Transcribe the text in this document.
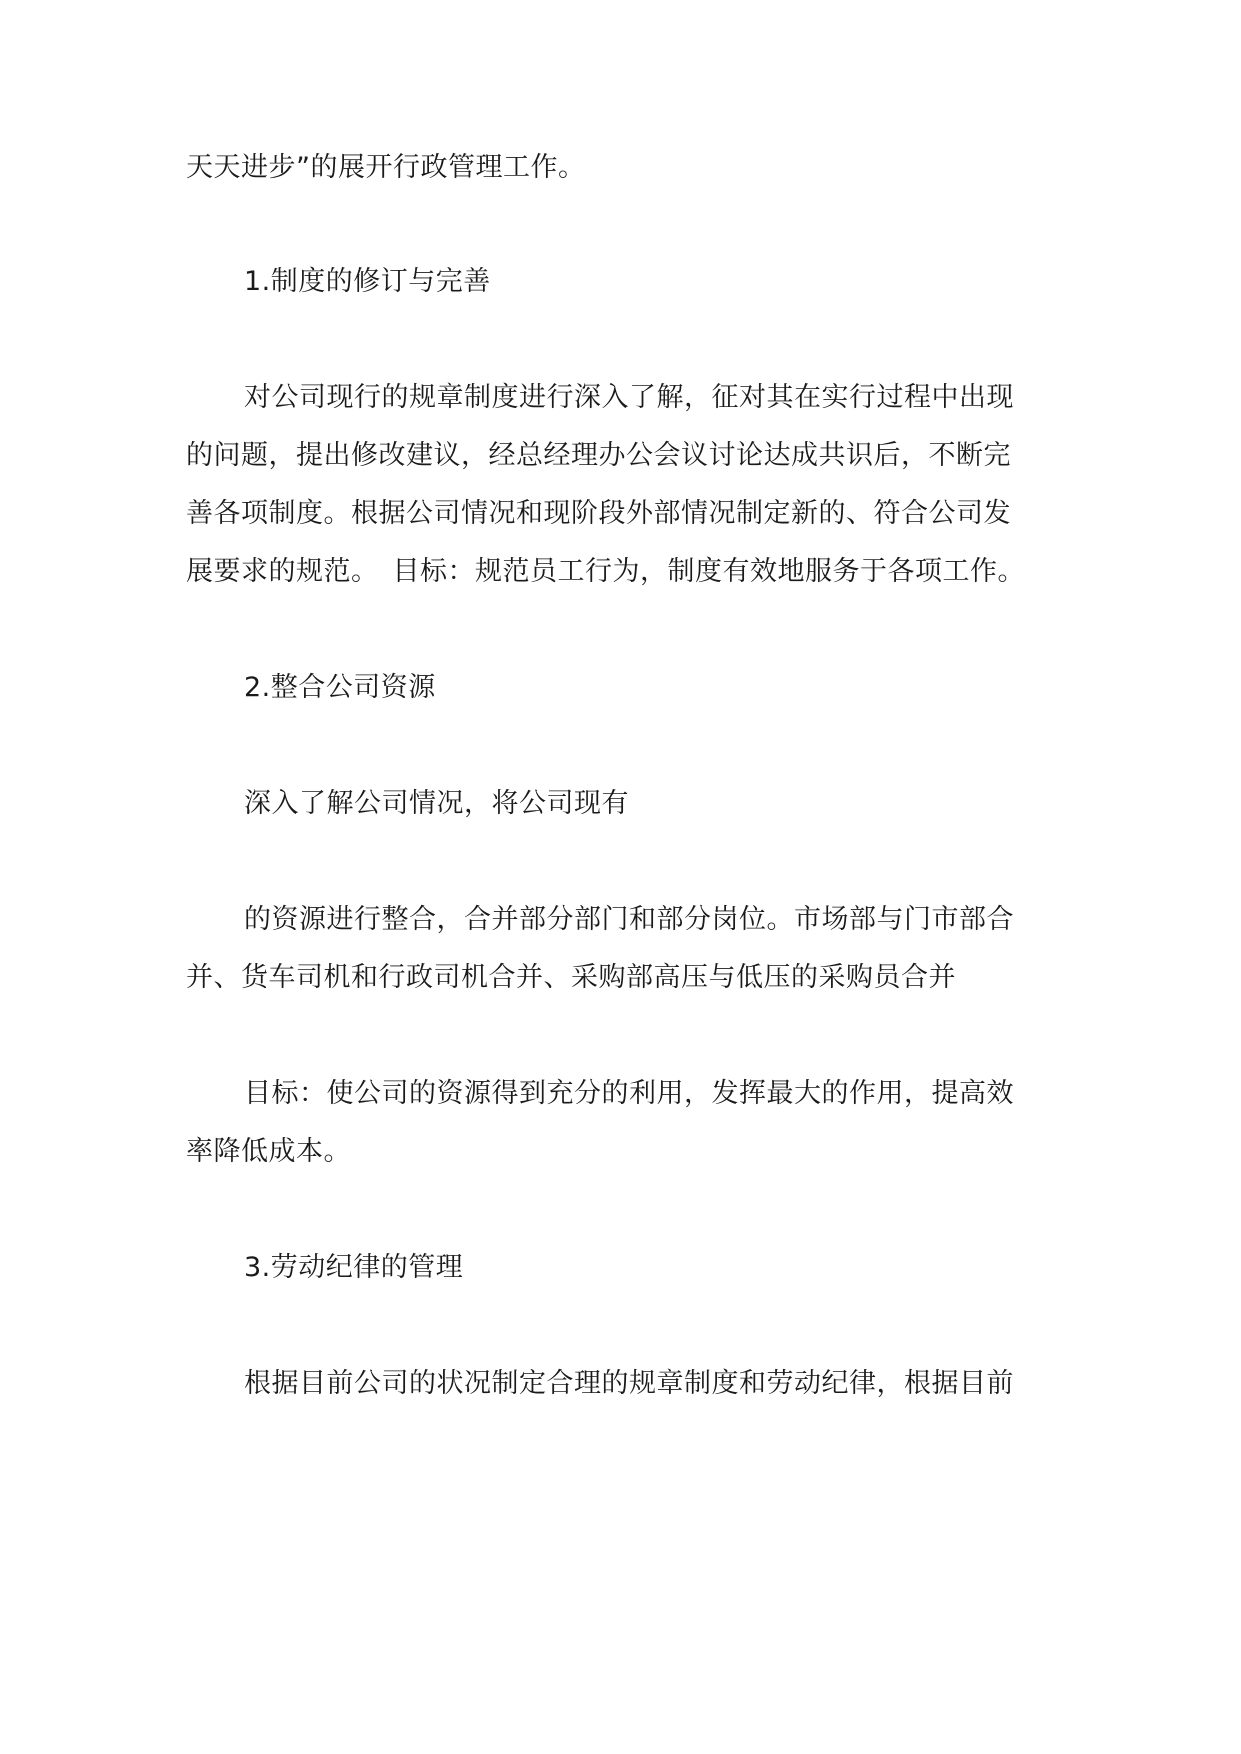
天天进步”的展开行政管理工作。

1.制度的修订与完善

对公司现行的规章制度进行深入了解，征对其在实行过程中出现

的问题，提出修改建议，经总经理办公会议讨论达成共识后，不断完

善各项制度。根据公司情况和现阶段外部情况制定新的、符合公司发

展要求的规范。　目标：规范员工行为，制度有效地服务于各项工作。

2.整合公司资源

深入了解公司情况，将公司现有

的资源进行整合，合并部分部门和部分岗位。市场部与门市部合

并、货车司机和行政司机合并、采购部高压与低压的采购员合并

目标：使公司的资源得到充分的利用，发挥最大的作用，提高效

率降低成本。

3.劳动纪律的管理

根据目前公司的状况制定合理的规章制度和劳动纪律，根据目前
